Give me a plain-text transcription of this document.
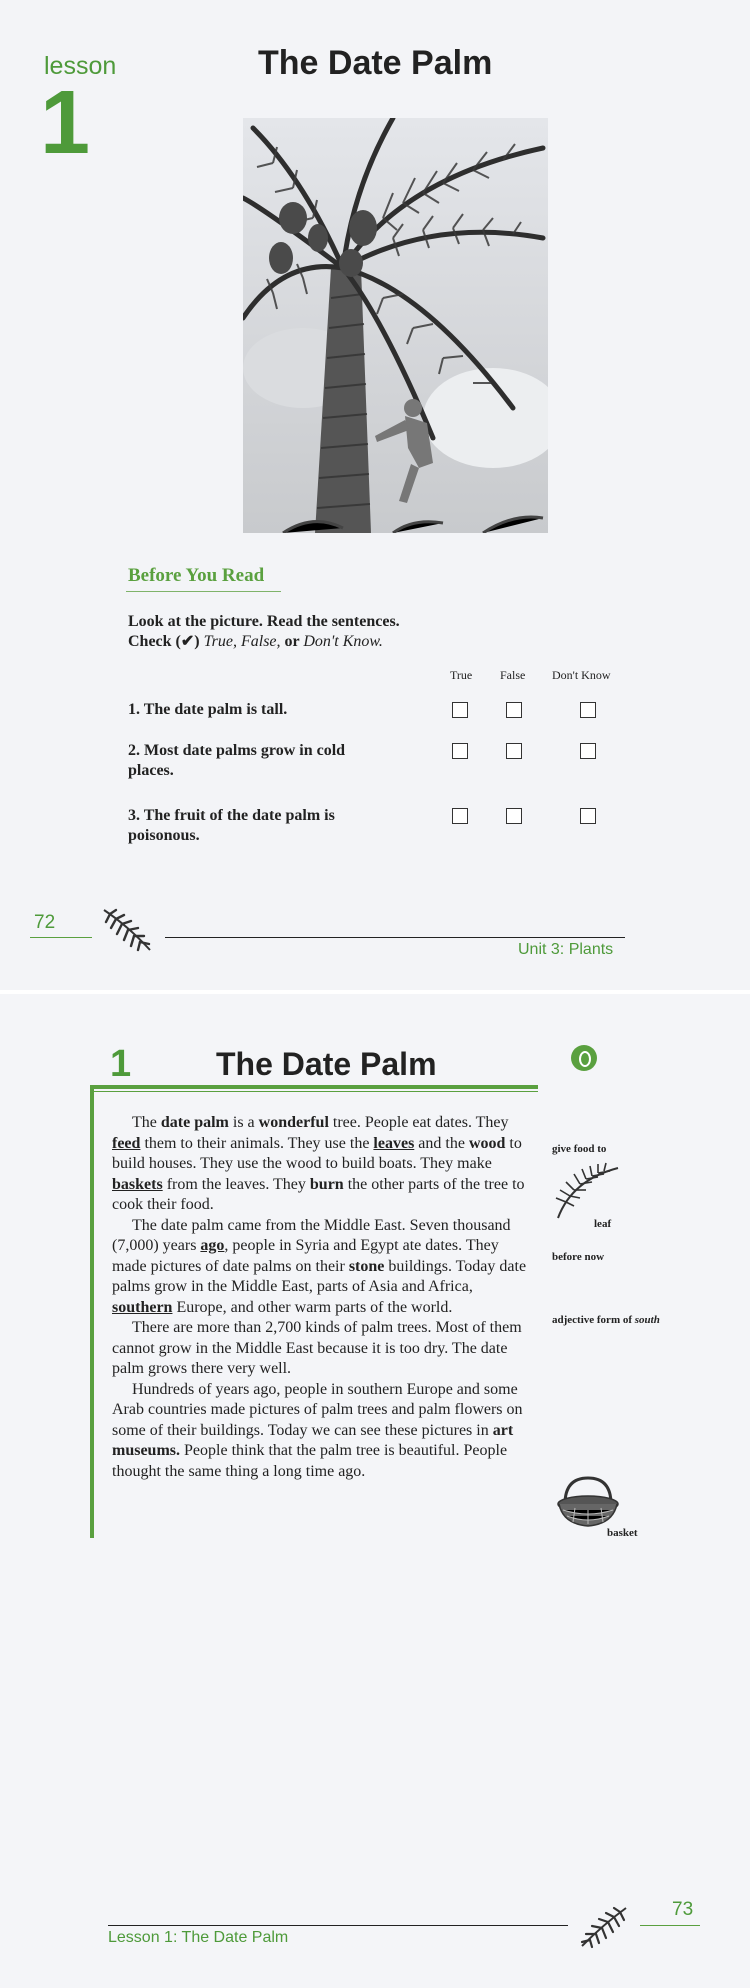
lesson
1
The Date Palm
Before You Read
Look at the picture. Read the sentences.
Check (✔) True, False, or Don't Know.
True False Don't Know
1. The date palm is tall.
2. Most date palms grow in cold places.
3. The fruit of the date palm is poisonous.
72
Unit 3: Plants
1	The Date Palm

The date palm is a wonderful tree. People eat dates. They feed them to their animals. They use the leaves and the wood to build houses. They use the wood to build boats. They make baskets from the leaves. They burn the other parts of the tree to cook their food.

The date palm came from the Middle East. Seven thousand (7,000) years ago, people in Syria and Egypt ate dates. They made pictures of date palms on their stone buildings. Today date palms grow in the Middle East, parts of Asia and Africa, southern Europe, and other warm parts of the world.

There are more than 2,700 kinds of palm trees. Most of them cannot grow in the Middle East because it is too dry. The date palm grows there very well.

Hundreds of years ago, people in southern Europe and some Arab countries made pictures of palm trees and palm flowers on some of their buildings. Today we can see these pictures in art museums. People think that the palm tree is beautiful. People thought the same thing a long time ago.

give food to
leaf
before now
adjective form of south
basket
Lesson 1: The Date Palm
73
